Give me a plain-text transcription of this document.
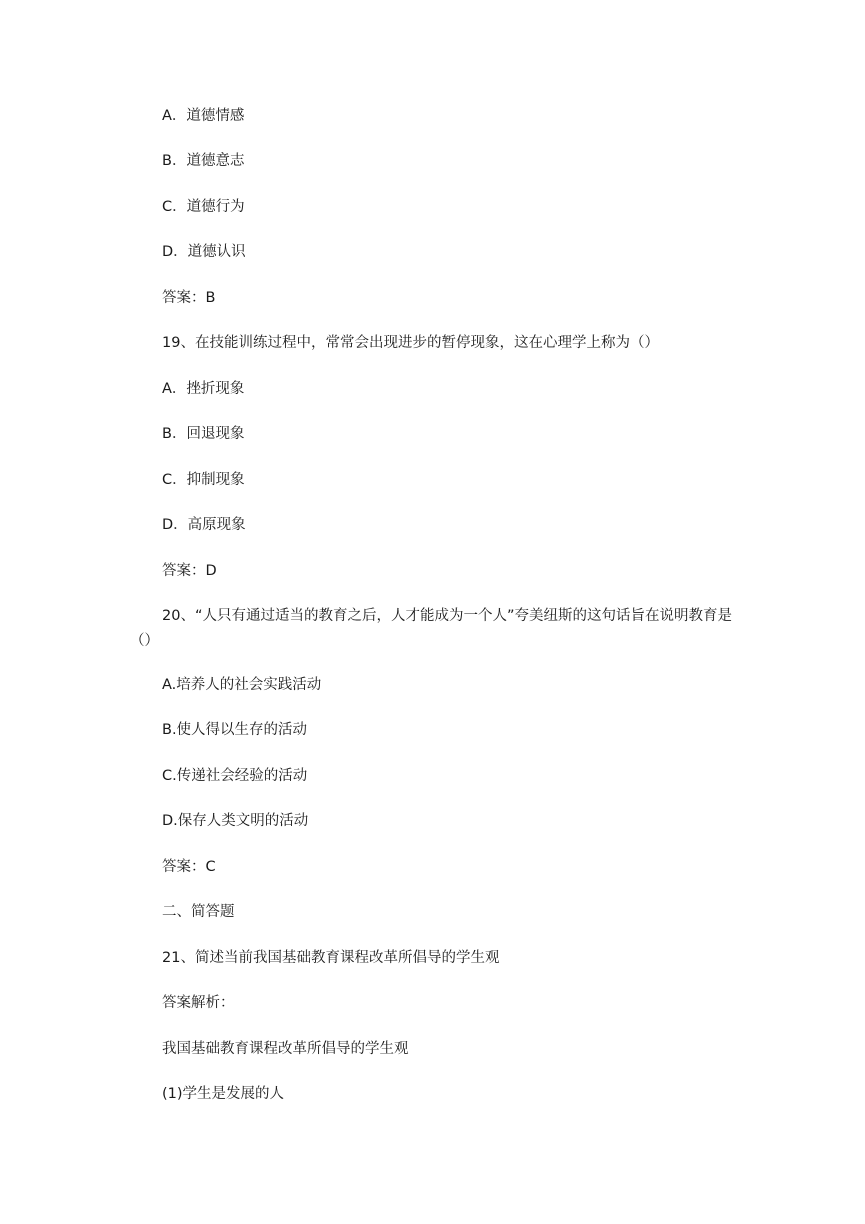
A．道德情感
B．道德意志
C．道德行为
D．道德认识
答案：B
19、在技能训练过程中，常常会出现进步的暂停现象，这在心理学上称为（）
A．挫折现象
B．回退现象
C．抑制现象
D．高原现象
答案：D
20、“人只有通过适当的教育之后，人才能成为一个人”夸美纽斯的这句话旨在说明教育是（）
A.培养人的社会实践活动
B.使人得以生存的活动
C.传递社会经验的活动
D.保存人类文明的活动
答案：C
二、简答题
21、简述当前我国基础教育课程改革所倡导的学生观
答案解析：
我国基础教育课程改革所倡导的学生观
(1)学生是发展的人
